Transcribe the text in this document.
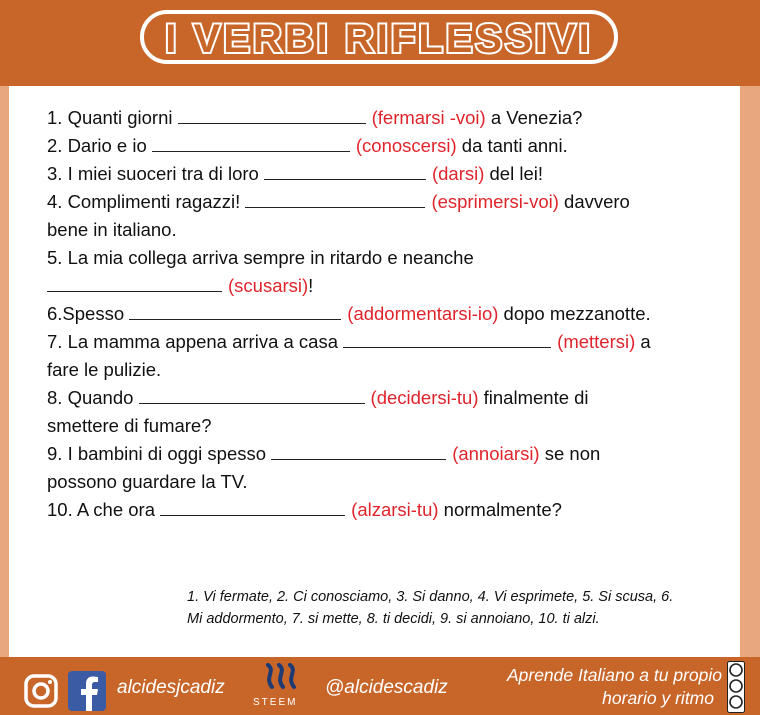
I VERBI RIFLESSIVI
1. Quanti giorni	(fermarsi -voi) a Venezia?
2. Dario e io	(conoscersi) da tanti anni.
3. I miei suoceri tra di loro	(darsi) del lei!
4. Complimenti ragazzi!	(esprimersi-voi) davvero
bene in italiano.
5. La mia collega arriva sempre in ritardo e neanche
(scusarsi)!
6.Spesso	(addormentarsi-io) dopo mezzanotte.
7. La mamma appena arriva a casa	(mettersi) a
fare le pulizie.
8. Quando	(decidersi-tu) finalmente di
smettere di fumare?
9. I bambini di oggi spesso	(annoiarsi) se non
possono guardare la TV.
10. A che ora	(alzarsi-tu) normalmente?
1. Vi fermate, 2. Ci conosciamo, 3. Si danno, 4. Vi esprimete, 5. Si scusa, 6.
Mi addormento, 7. si mette, 8. ti decidi, 9. si annoiano, 10. ti alzi.
alcidesjcadiz
STEEM
@alcidescadiz
Aprende Italiano a tu propio
horario y ritmo
